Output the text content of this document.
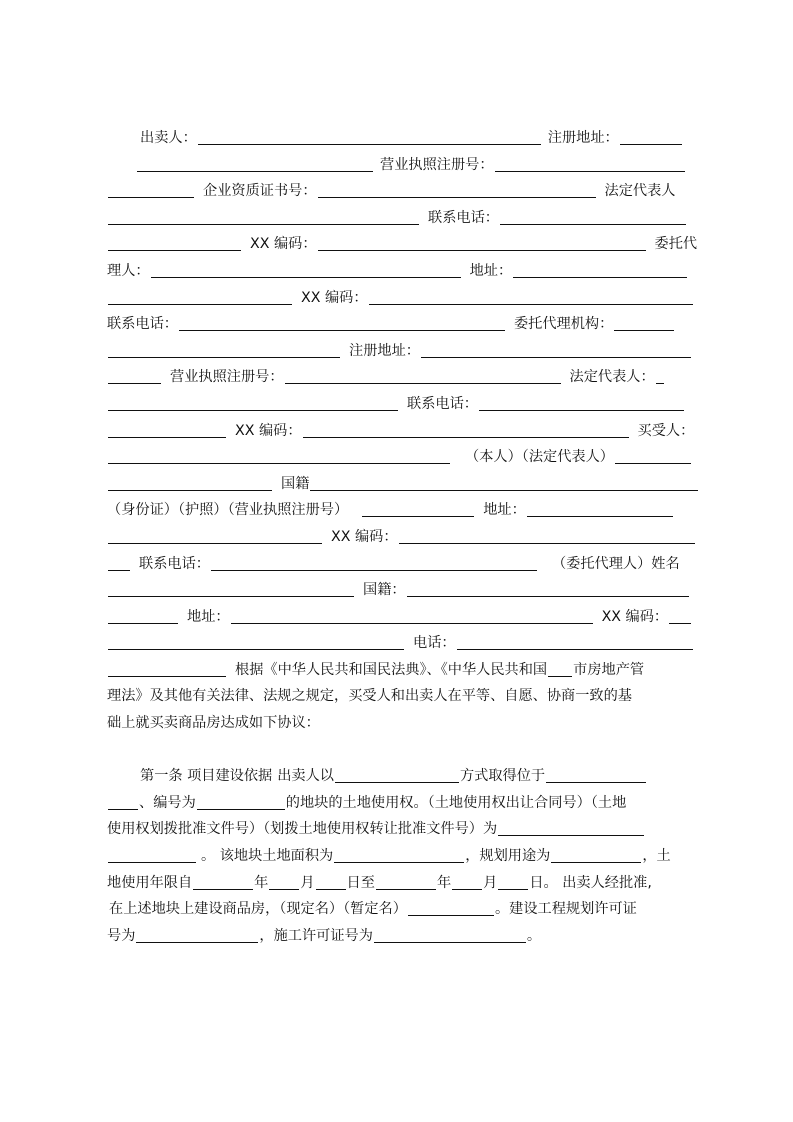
出卖人：	注册地址：
营业执照注册号：
企业资质证书号：	法定代表人
联系电话：
XX 编码：	委托代
理人：	地址：
XX 编码：
联系电话：	委托代理机构：
注册地址：
营业执照注册号：	法定代表人：
联系电话：
XX 编码：	买受人：
（本人）（法定代表人）
国籍
（身份证）（护照）（营业执照注册号）	地址：
XX 编码：
联系电话：	（委托代理人）姓名
国籍：
地址：	XX 编码：
电话：
根据《中华人民共和国民法典》、《中华人民共和国 市房地产管
理法》及其他有关法律、法规之规定，买受人和出卖人在平等、自愿、协商一致的基
础上就买卖商品房达成如下协议：
第一条 项目建设依据 出卖人以	方式取得位于
、编号为	的地块的土地使用权。（土地使用权出让合同号）（土地
使用权划拨批准文件号）（划拨土地使用权转让批准文件号）为
。 该地块土地面积为	，规划用途为	，土
地使用年限自	年 月 日至	年 月 日。 出卖人经批准,
在上述地块上建设商品房，（现定名）（暂定名）	。建设工程规划许可证
号为	，施工许可证号为	。
